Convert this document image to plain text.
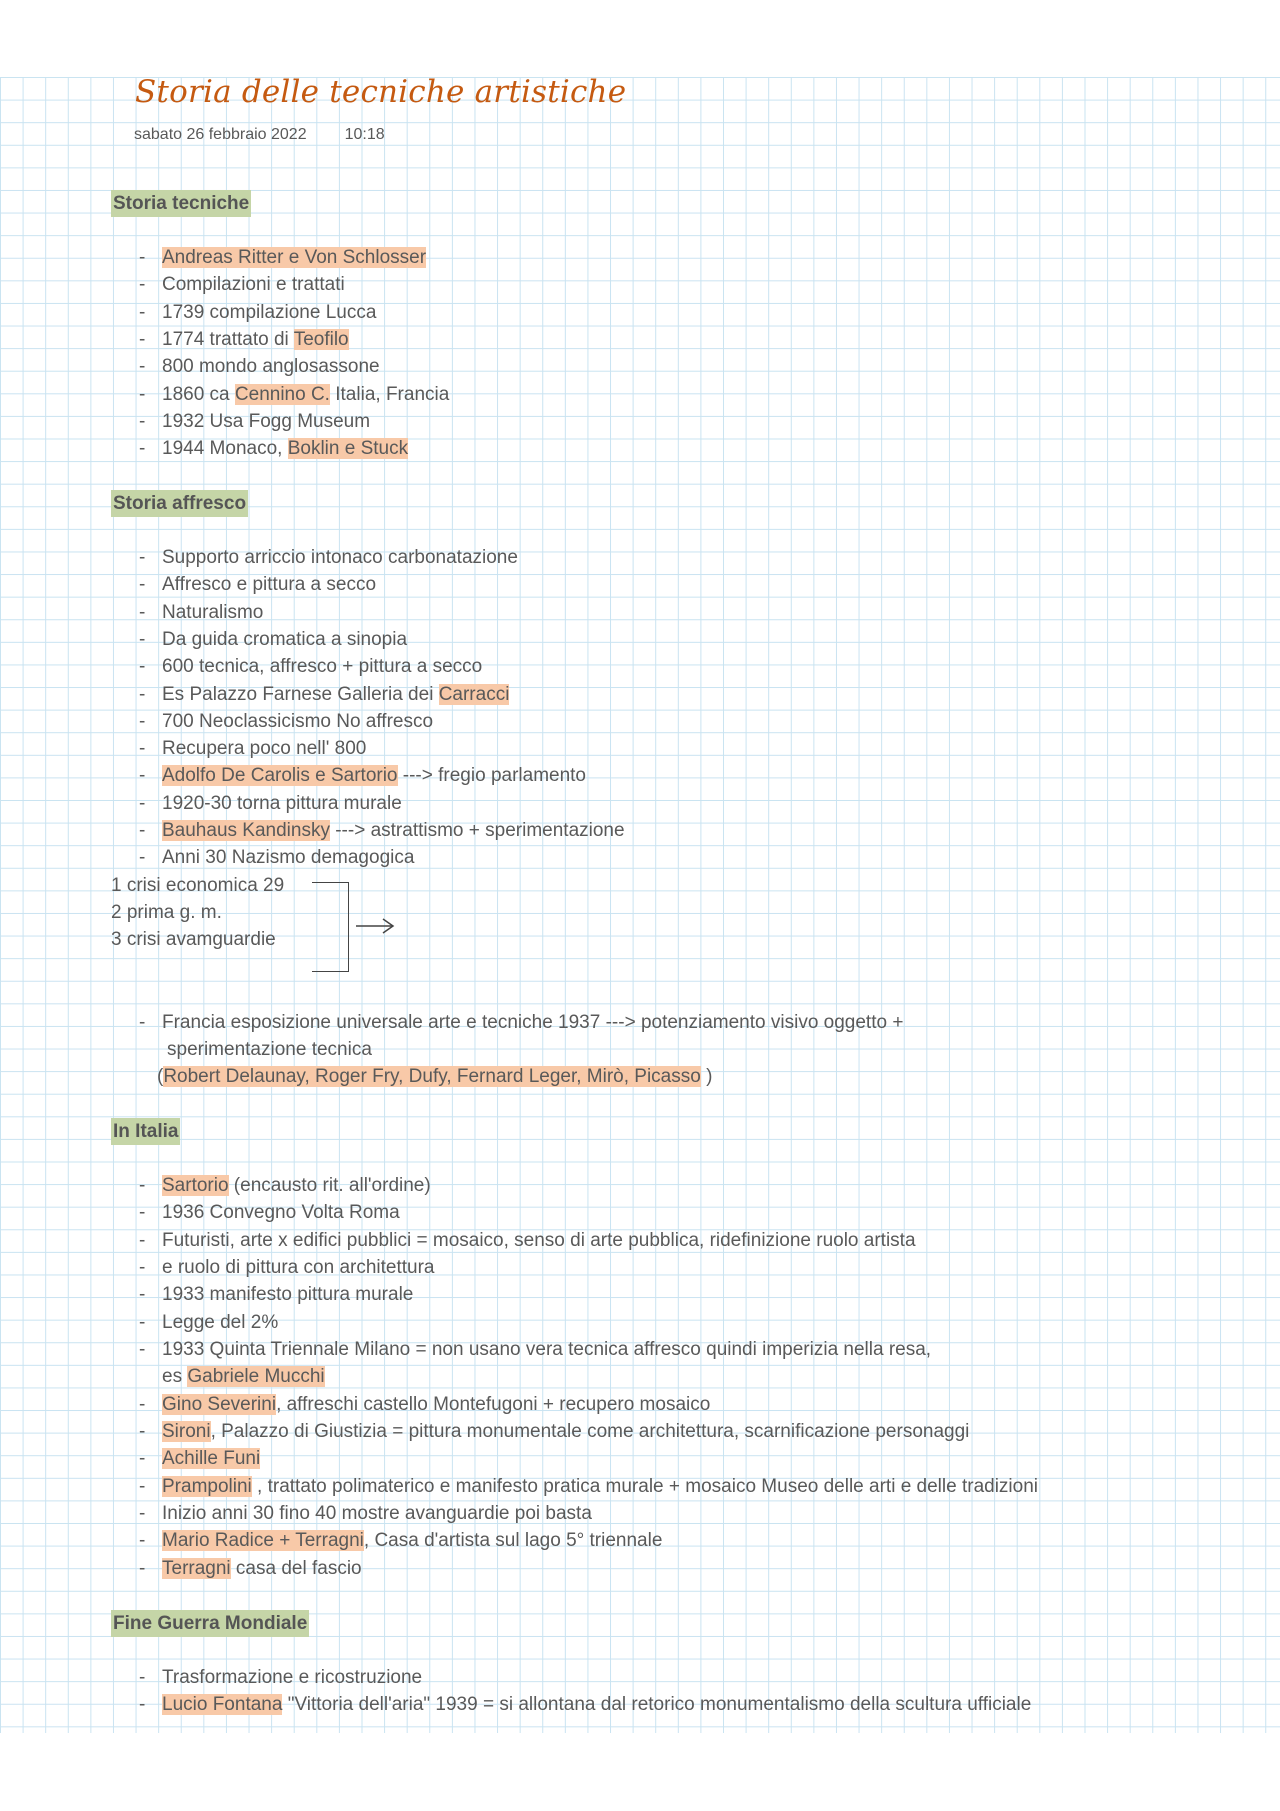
Storia delle tecniche artistiche
sabato 26 febbraio 2022 10:18
Storia tecniche
- Andreas Ritter e Von Schlosser
- Compilazioni e trattati
- 1739 compilazione Lucca
- 1774 trattato di Teofilo
- 800 mondo anglosassone
- 1860 ca Cennino C. Italia, Francia
- 1932 Usa Fogg Museum
- 1944 Monaco, Boklin e Stuck
Storia affresco
- Supporto arriccio intonaco carbonatazione
- Affresco e pittura a secco
- Naturalismo
- Da guida cromatica a sinopia
- 600 tecnica, affresco + pittura a secco
- Es Palazzo Farnese Galleria dei Carracci
- 700 Neoclassicismo No affresco
- Recupera poco nell' 800
- Adolfo De Carolis e Sartorio ---> fregio parlamento
- 1920-30 torna pittura murale
- Bauhaus Kandinsky ---> astrattismo + sperimentazione
- Anni 30 Nazismo demagogica
1 crisi economica 29
2 prima g. m.
3 crisi avamguardie
- Francia esposizione universale arte e tecniche 1937 ---> potenziamento visivo oggetto +
sperimentazione tecnica
(Robert Delaunay, Roger Fry, Dufy, Fernard Leger, Mirò, Picasso )
In Italia
- Sartorio (encausto rit. all'ordine)
- 1936 Convegno Volta Roma
- Futuristi, arte x edifici pubblici = mosaico, senso di arte pubblica, ridefinizione ruolo artista
- e ruolo di pittura con architettura
- 1933 manifesto pittura murale
- Legge del 2%
- 1933 Quinta Triennale Milano = non usano vera tecnica affresco quindi imperizia nella resa,
es Gabriele Mucchi
- Gino Severini, affreschi castello Montefugoni + recupero mosaico
- Sironi, Palazzo di Giustizia = pittura monumentale come architettura, scarnificazione personaggi
- Achille Funi
- Prampolini , trattato polimaterico e manifesto pratica murale + mosaico Museo delle arti e delle tradizioni
- Inizio anni 30 fino 40 mostre avanguardie poi basta
- Mario Radice + Terragni, Casa d'artista sul lago 5° triennale
- Terragni casa del fascio
Fine Guerra Mondiale
- Trasformazione e ricostruzione
- Lucio Fontana "Vittoria dell'aria" 1939 = si allontana dal retorico monumentalismo della scultura ufficiale
